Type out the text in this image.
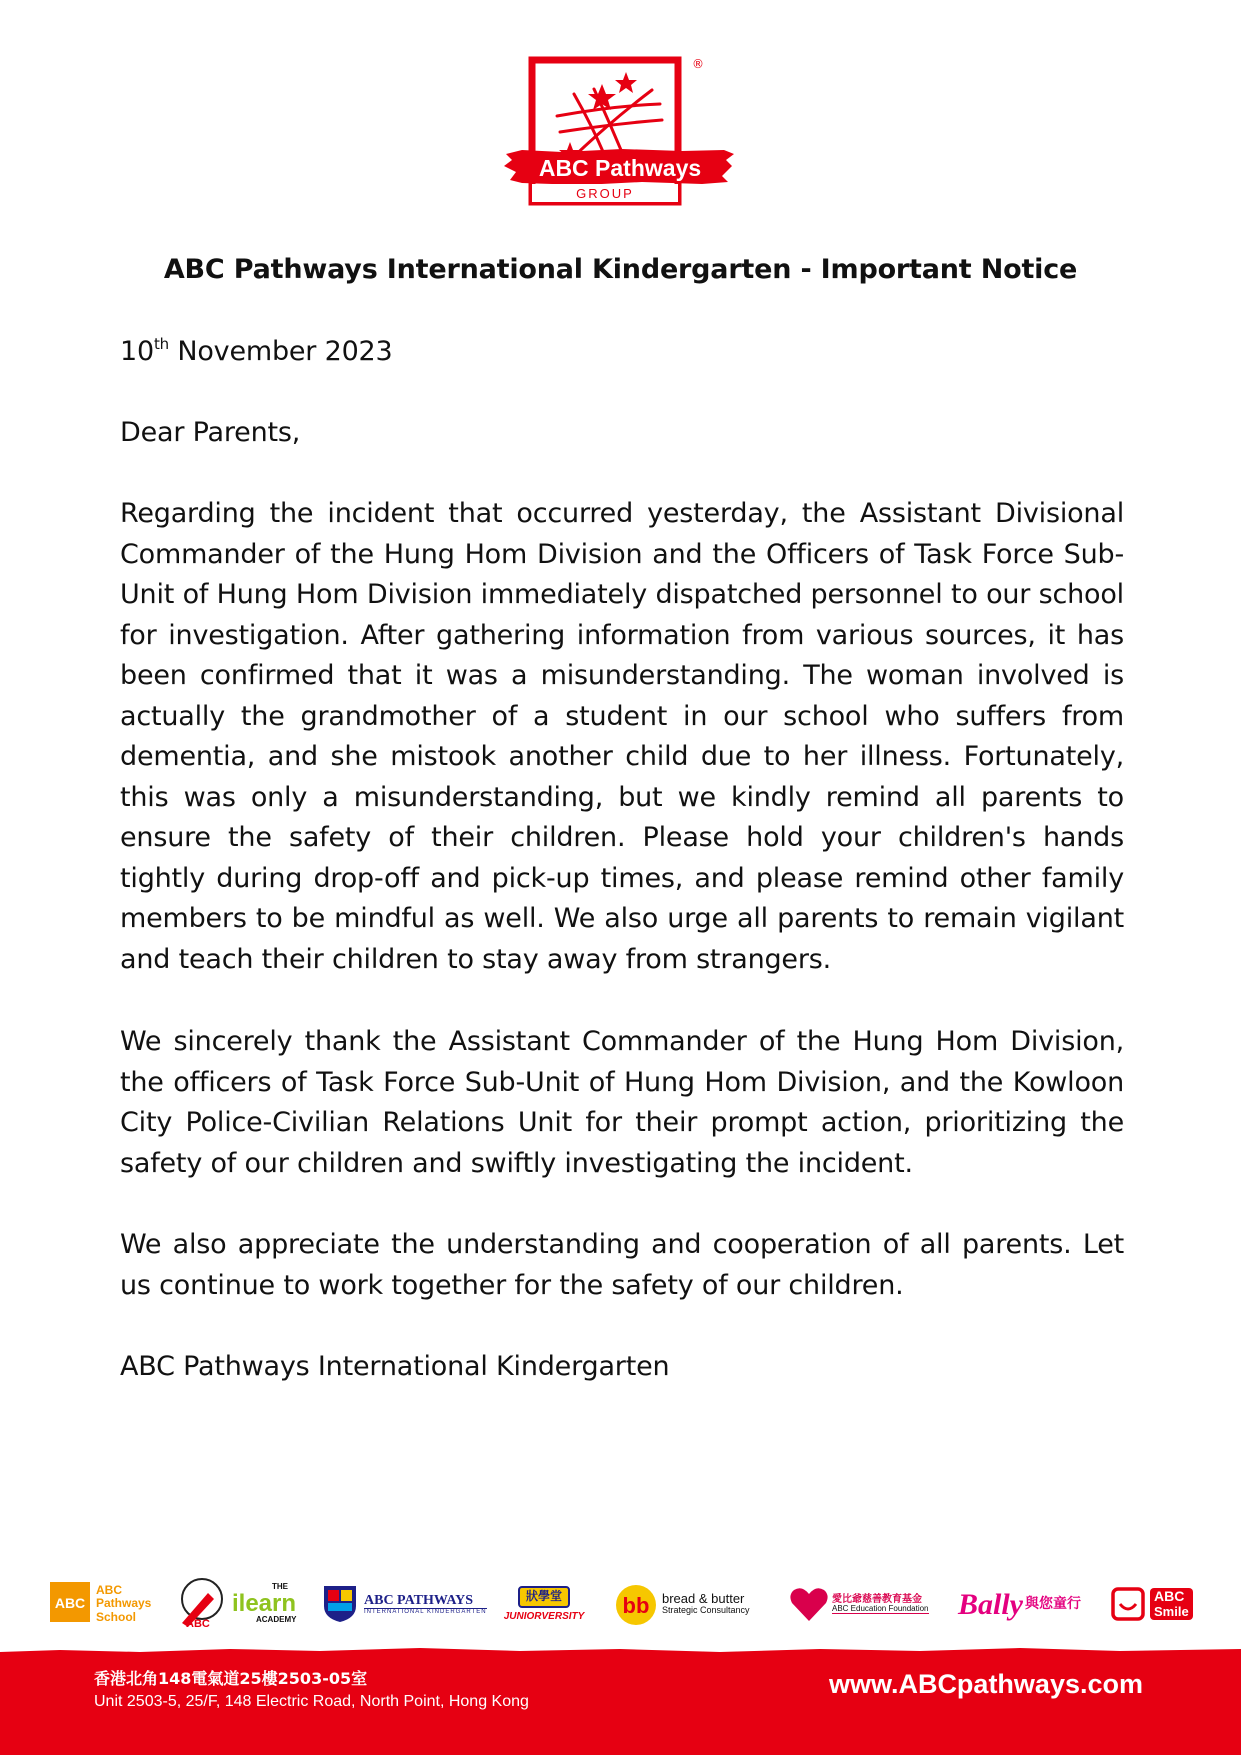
ABC Pathways
GROUP
®
ABC Pathways International Kindergarten - Important Notice
10th November 2023
Dear Parents,

Regarding the incident that occurred yesterday, the Assistant Divisional Commander of the Hung Hom Division and the Officers of Task Force Sub-Unit of Hung Hom Division immediately dispatched personnel to our school for investigation. After gathering information from various sources, it has been confirmed that it was a misunderstanding. The woman involved is actually the grandmother of a student in our school who suffers from dementia, and she mistook another child due to her illness. Fortunately, this was only a misunderstanding, but we kindly remind all parents to ensure the safety of their children. Please hold your children's hands tightly during drop-off and pick-up times, and please remind other family members to be mindful as well. We also urge all parents to remain vigilant and teach their children to stay away from strangers.

We sincerely thank the Assistant Commander of the Hung Hom Division, the officers of Task Force Sub-Unit of Hung Hom Division, and the Kowloon City Police-Civilian Relations Unit for their prompt action, prioritizing the safety of our children and swiftly investigating the incident.

We also appreciate the understanding and cooperation of all parents. Let us continue to work together for the safety of our children.

ABC Pathways International Kindergarten
ABC
ABC
Pathways
School
ABC
THE
ilearn
ACADEMY
ABC PATHWAYS
INTERNATIONAL KINDERGARTEN
狀學堂
JUNIORVERSITY bb bread & butter
Strategic Consultancy
愛比爺慈善教育基金
ABC Education Foundation Bally 與您童行	ABC
Smile
香港北角148電氣道25樓2503-05室
Unit 2503-5, 25/F, 148 Electric Road, North Point, Hong Kong
www.ABCpathways.com
